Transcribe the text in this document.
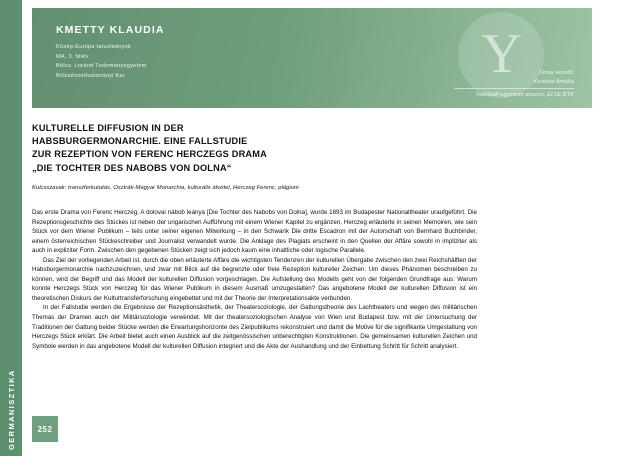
GERMANISZTIKA
Y
KMETTY KLAUDIA
Közép-Európa tanulmányok
MA, 3. félév
Bölcs. Loránd Tudományegyetem
Bölcsészettudományi Kar	Téma vezető:
Kerekes Amália
habilitált egyetemi docens, ELTE BTK
KULTURELLE DIFFUSION IN DER
HABSBURGERMONARCHIE. EINE FALLSTUDIE
ZUR REZEPTION VON FERENC HERCZEGS DRAMA
„DIE TOCHTER DES NABOBS VON DOLNA“
Kulcsszavak: transzferkutatás, Osztrák-Magyar Monarchia, kulturális átvétel, Herczeg Ferenc, plágium

Das erste Drama von Ferenc Herczeg, A dolovai nábob leánya [Die Tochter des Nabobs von Dolna], wurde 1893 im Budapester Nationaltheater uraufgeführt. Die Rezeptionsgeschichte des Stückes ist neben der ungarischen Aufführung mit einem Wiener Kapitel zu ergänzen. Herczeg erläuterte in seinen Memoiren, wie sein Stück vor dem Wiener Publikum – teils unter seiner eigenen Mitwirkung – in den Schwank Die dritte Escadron mit der Autorschaft von Bernhard Buchbinder, einem österreichischen Stückeschreiber und Journalist verwandelt wurde. Die Anklage des Plagiats erscheint in den Quellen der Affäre sowohl in impliziter als auch in expliziter Form. Zwischen den gegebenen Stücken zeigt sich jedoch kaum eine inhaltliche oder logische Parallele.

Das Ziel der vorliegenden Arbeit ist, durch die oben erläuterte Affäre die wichtigsten Tendenzen der kulturellen Übergabe zwischen den zwei Reichshälften der Habsburgermonarchie nachzuzeichnen, und zwar mit Blick auf die begrenzte oder freie Rezeption kultureller Zeichen. Um dieses Phänomen beschreiben zu können, wird der Begriff und das Modell der kulturellen Diffusion vorgeschlagen. Die Aufstellung des Modells geht von der folgenden Grundfrage aus: Warum konnte Herczegs Stück von Herczeg für das Wiener Publikum in diesem Ausmaß umzugestalten? Das angebotene Modell der kulturellen Diffusion ist ein theoretischen Diskurs der Kulturtransferforschung eingebettet und mit der Theorie der Interpretationsakte verbunden.

In der Fallstudie werden die Ergebnisse der Rezeptionsästhetik, der Theatersoziologie, der Gattungstheorie des Lachtheaters und wegen des militärischen Themas der Dramen auch der Militärsoziologie verwendet. Mit der theatersoziologischen Analyse von Wien und Budapest bzw. mit der Untersuchung der Traditionen der Gattung beider Stücke werden die Erwartungshorizonte des Zielpublikums rekonstruiert und damit die Motive für die signifikante Umgestaltung von Herczegs Stück erklärt. Die Arbeit bietet auch einen Ausblick auf die zeitgenössischen unberechtigten Konstruktionen. Die gemeinsamen kulturellen Zeichen und Symbole werden in das angebotene Modell der kulturellen Diffusion integriert und die Akte der Aushandlung und der Einbettung Schritt für Schritt analysiert.

252
